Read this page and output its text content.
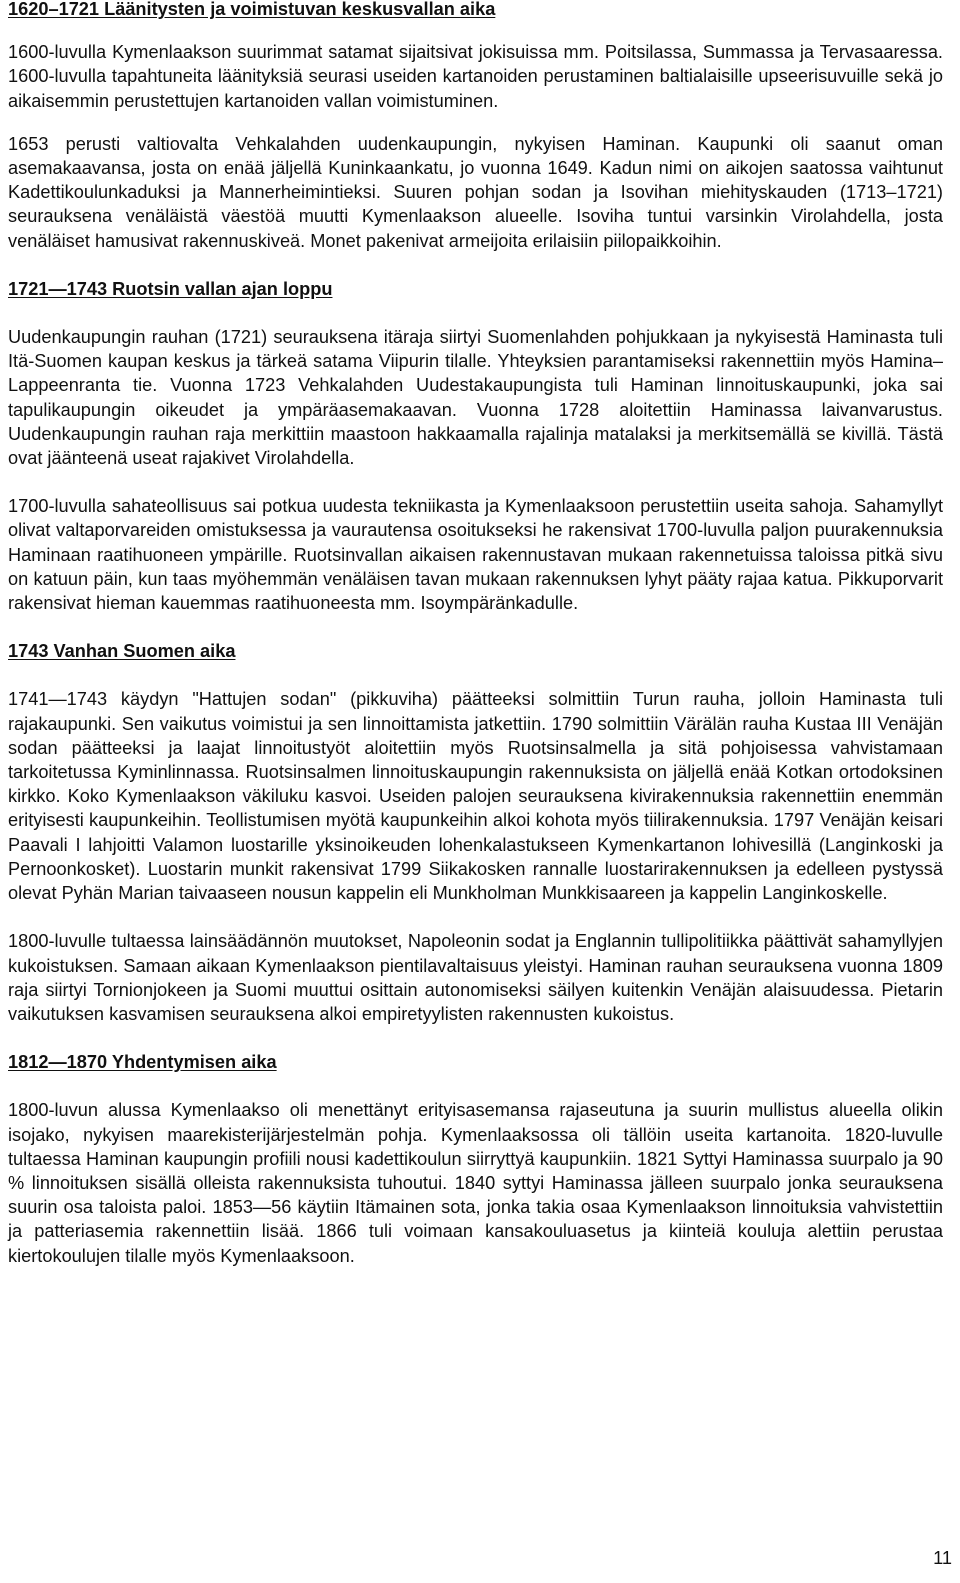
1620–1721 Läänitysten ja voimistuvan keskusvallan aika

1600-luvulla Kymenlaakson suurimmat satamat sijaitsivat jokisuissa mm. Poitsilassa, Summassa ja Tervasaaressa. 1600-luvulla tapahtuneita läänityksiä seurasi useiden kartanoiden perustaminen baltialaisille upseerisuvuille sekä jo aikaisemmin perustettujen kartanoiden vallan voimistuminen.

1653 perusti valtiovalta Vehkalahden uudenkaupungin, nykyisen Haminan. Kaupunki oli saanut oman asemakaavansa, josta on enää jäljellä Kuninkaankatu, jo vuonna 1649. Kadun nimi on aikojen saatossa vaihtunut Kadettikoulunkaduksi ja Mannerheimintieksi. Suuren pohjan sodan ja Isovihan miehityskauden (1713–1721) seurauksena venäläistä väestöä muutti Kymenlaakson alueelle. Isoviha tuntui varsinkin Virolahdella, josta venäläiset hamusivat rakennuskiveä. Monet pakenivat armeijoita erilaisiin piilopaikkoihin.

1721—1743 Ruotsin vallan ajan loppu

Uudenkaupungin rauhan (1721) seurauksena itäraja siirtyi Suomenlahden pohjukkaan ja nykyisestä Haminasta tuli Itä-Suomen kaupan keskus ja tärkeä satama Viipurin tilalle. Yhteyksien parantamiseksi rakennettiin myös Hamina–Lappeenranta tie. Vuonna 1723 Vehkalahden Uudestakaupungista tuli Haminan linnoituskaupunki, joka sai tapulikaupungin oikeudet ja ympäräasemakaavan. Vuonna 1728 aloitettiin Haminassa laivanvarustus. Uudenkaupungin rauhan raja merkittiin maastoon hakkaamalla rajalinja matalaksi ja merkitsemällä se kivillä. Tästä ovat jäänteenä useat rajakivet Virolahdella.

1700-luvulla sahateollisuus sai potkua uudesta tekniikasta ja Kymenlaaksoon perustettiin useita sahoja. Sahamyllyt olivat valtaporvareiden omistuksessa ja vaurautensa osoitukseksi he rakensivat 1700-luvulla paljon puurakennuksia Haminaan raatihuoneen ympärille. Ruotsinvallan aikaisen rakennustavan mukaan rakennetuissa taloissa pitkä sivu on katuun päin, kun taas myöhemmän venäläisen tavan mukaan rakennuksen lyhyt pääty rajaa katua. Pikkuporvarit rakensivat hieman kauemmas raatihuoneesta mm. Isoympäränkadulle.

1743 Vanhan Suomen aika

1741—1743 käydyn "Hattujen sodan" (pikkuviha) päätteeksi solmittiin Turun rauha, jolloin Haminasta tuli rajakaupunki. Sen vaikutus voimistui ja sen linnoittamista jatkettiin. 1790 solmittiin Värälän rauha Kustaa III Venäjän sodan päätteeksi ja laajat linnoitustyöt aloitettiin myös Ruotsinsalmella ja sitä pohjoisessa vahvistamaan tarkoitetussa Kyminlinnassa. Ruotsinsalmen linnoituskaupungin rakennuksista on jäljellä enää Kotkan ortodoksinen kirkko. Koko Kymenlaakson väkiluku kasvoi. Useiden palojen seurauksena kivirakennuksia rakennettiin enemmän erityisesti kaupunkeihin. Teollistumisen myötä kaupunkeihin alkoi kohota myös tiilirakennuksia. 1797 Venäjän keisari Paavali I lahjoitti Valamon luostarille yksinoikeuden lohenkalastukseen Kymenkartanon lohivesillä (Langinkoski ja Pernoonkosket). Luostarin munkit rakensivat 1799 Siikakosken rannalle luostarirakennuksen ja edelleen pystyssä olevat Pyhän Marian taivaaseen nousun kappelin eli Munkholman Munkkisaareen ja kappelin Langinkoskelle.

1800-luvulle tultaessa lainsäädännön muutokset, Napoleonin sodat ja Englannin tullipolitiikka päättivät sahamyllyjen kukoistuksen. Samaan aikaan Kymenlaakson pientilavaltaisuus yleistyi. Haminan rauhan seurauksena vuonna 1809 raja siirtyi Tornionjokeen ja Suomi muuttui osittain autonomiseksi säilyen kuitenkin Venäjän alaisuudessa. Pietarin vaikutuksen kasvamisen seurauksena alkoi empiretyylisten rakennusten kukoistus.

1812—1870 Yhdentymisen aika

1800-luvun alussa Kymenlaakso oli menettänyt erityisasemansa rajaseutuna ja suurin mullistus alueella olikin isojako, nykyisen maarekisterijärjestelmän pohja. Kymenlaaksossa oli tällöin useita kartanoita. 1820-luvulle tultaessa Haminan kaupungin profiili nousi kadettikoulun siirryttyä kaupunkiin. 1821 Syttyi Haminassa suurpalo ja 90 % linnoituksen sisällä olleista rakennuksista tuhoutui. 1840 syttyi Haminassa jälleen suurpalo jonka seurauksena suurin osa taloista paloi. 1853—56 käytiin Itämainen sota, jonka takia osaa Kymenlaakson linnoituksia vahvistettiin ja patteriasemia rakennettiin lisää. 1866 tuli voimaan kansakouluasetus ja kiinteiä kouluja alettiin perustaa kiertokoulujen tilalle myös Kymenlaaksoon.

11
